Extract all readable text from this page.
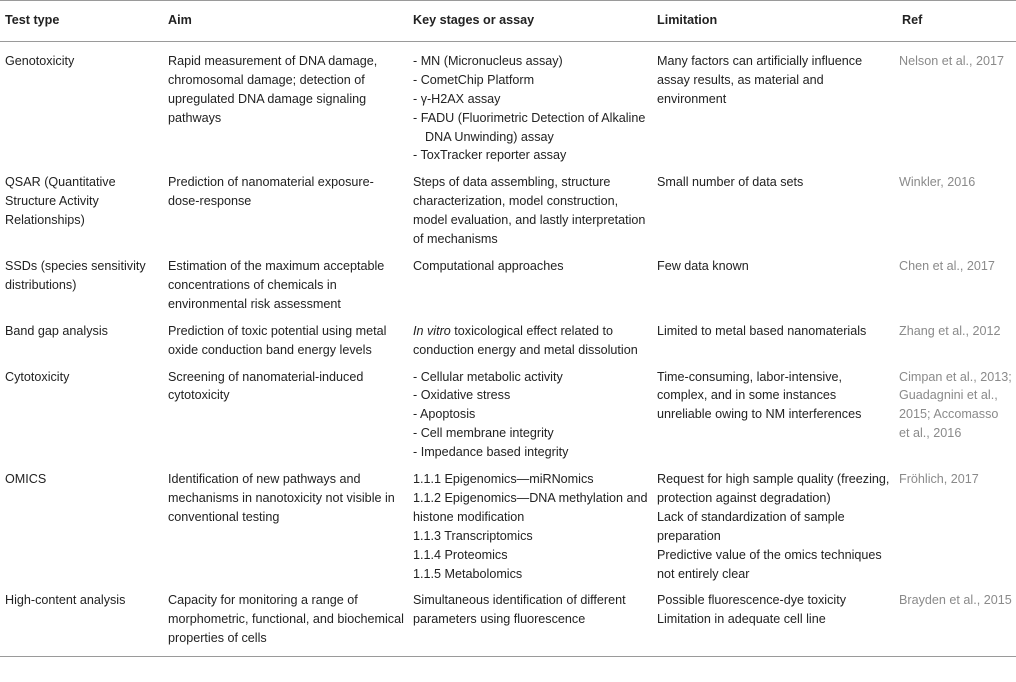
Test type	Aim	Key stages or assay	Limitation	Ref
Genotoxicity	Rapid measurement of DNA damage, chromosomal damage; detection of upregulated DNA damage signaling pathways	- MN (Micronucleus assay)
- CometChip Platform
- γ-H2AX assay
- FADU (Fluorimetric Detection of Alkaline DNA Unwinding) assay
- ToxTracker reporter assay	Many factors can artificially influence assay results, as material and environment	Nelson et al., 2017
QSAR (Quantitative Structure Activity Relationships)	Prediction of nanomaterial exposure-dose-response	Steps of data assembling, structure characterization, model construction, model evaluation, and lastly interpretation of mechanisms	Small number of data sets	Winkler, 2016
SSDs (species sensitivity distributions)	Estimation of the maximum acceptable concentrations of chemicals in environmental risk assessment	Computational approaches	Few data known	Chen et al., 2017
Band gap analysis	Prediction of toxic potential using metal oxide conduction band energy levels	In vitro toxicological effect related to conduction energy and metal dissolution	Limited to metal based nanomaterials	Zhang et al., 2012
Cytotoxicity	Screening of nanomaterial-induced cytotoxicity	- Cellular metabolic activity
- Oxidative stress
- Apoptosis
- Cell membrane integrity
- Impedance based integrity	Time-consuming, labor-intensive, complex, and in some instances unreliable owing to NM interferences	Cimpan et al., 2013; Guadagnini et al., 2015; Accomasso et al., 2016
OMICS	Identification of new pathways and mechanisms in nanotoxicity not visible in conventional testing	1.1.1 Epigenomics—miRNomics
1.1.2 Epigenomics—DNA methylation and histone modification
1.1.3 Transcriptomics
1.1.4 Proteomics
1.1.5 Metabolomics	Request for high sample quality (freezing, protection against degradation)
Lack of standardization of sample preparation
Predictive value of the omics techniques not entirely clear	Fröhlich, 2017
High-content analysis	Capacity for monitoring a range of morphometric, functional, and biochemical properties of cells	Simultaneous identification of different parameters using fluorescence	Possible fluorescence-dye toxicity
Limitation in adequate cell line	Brayden et al., 2015
